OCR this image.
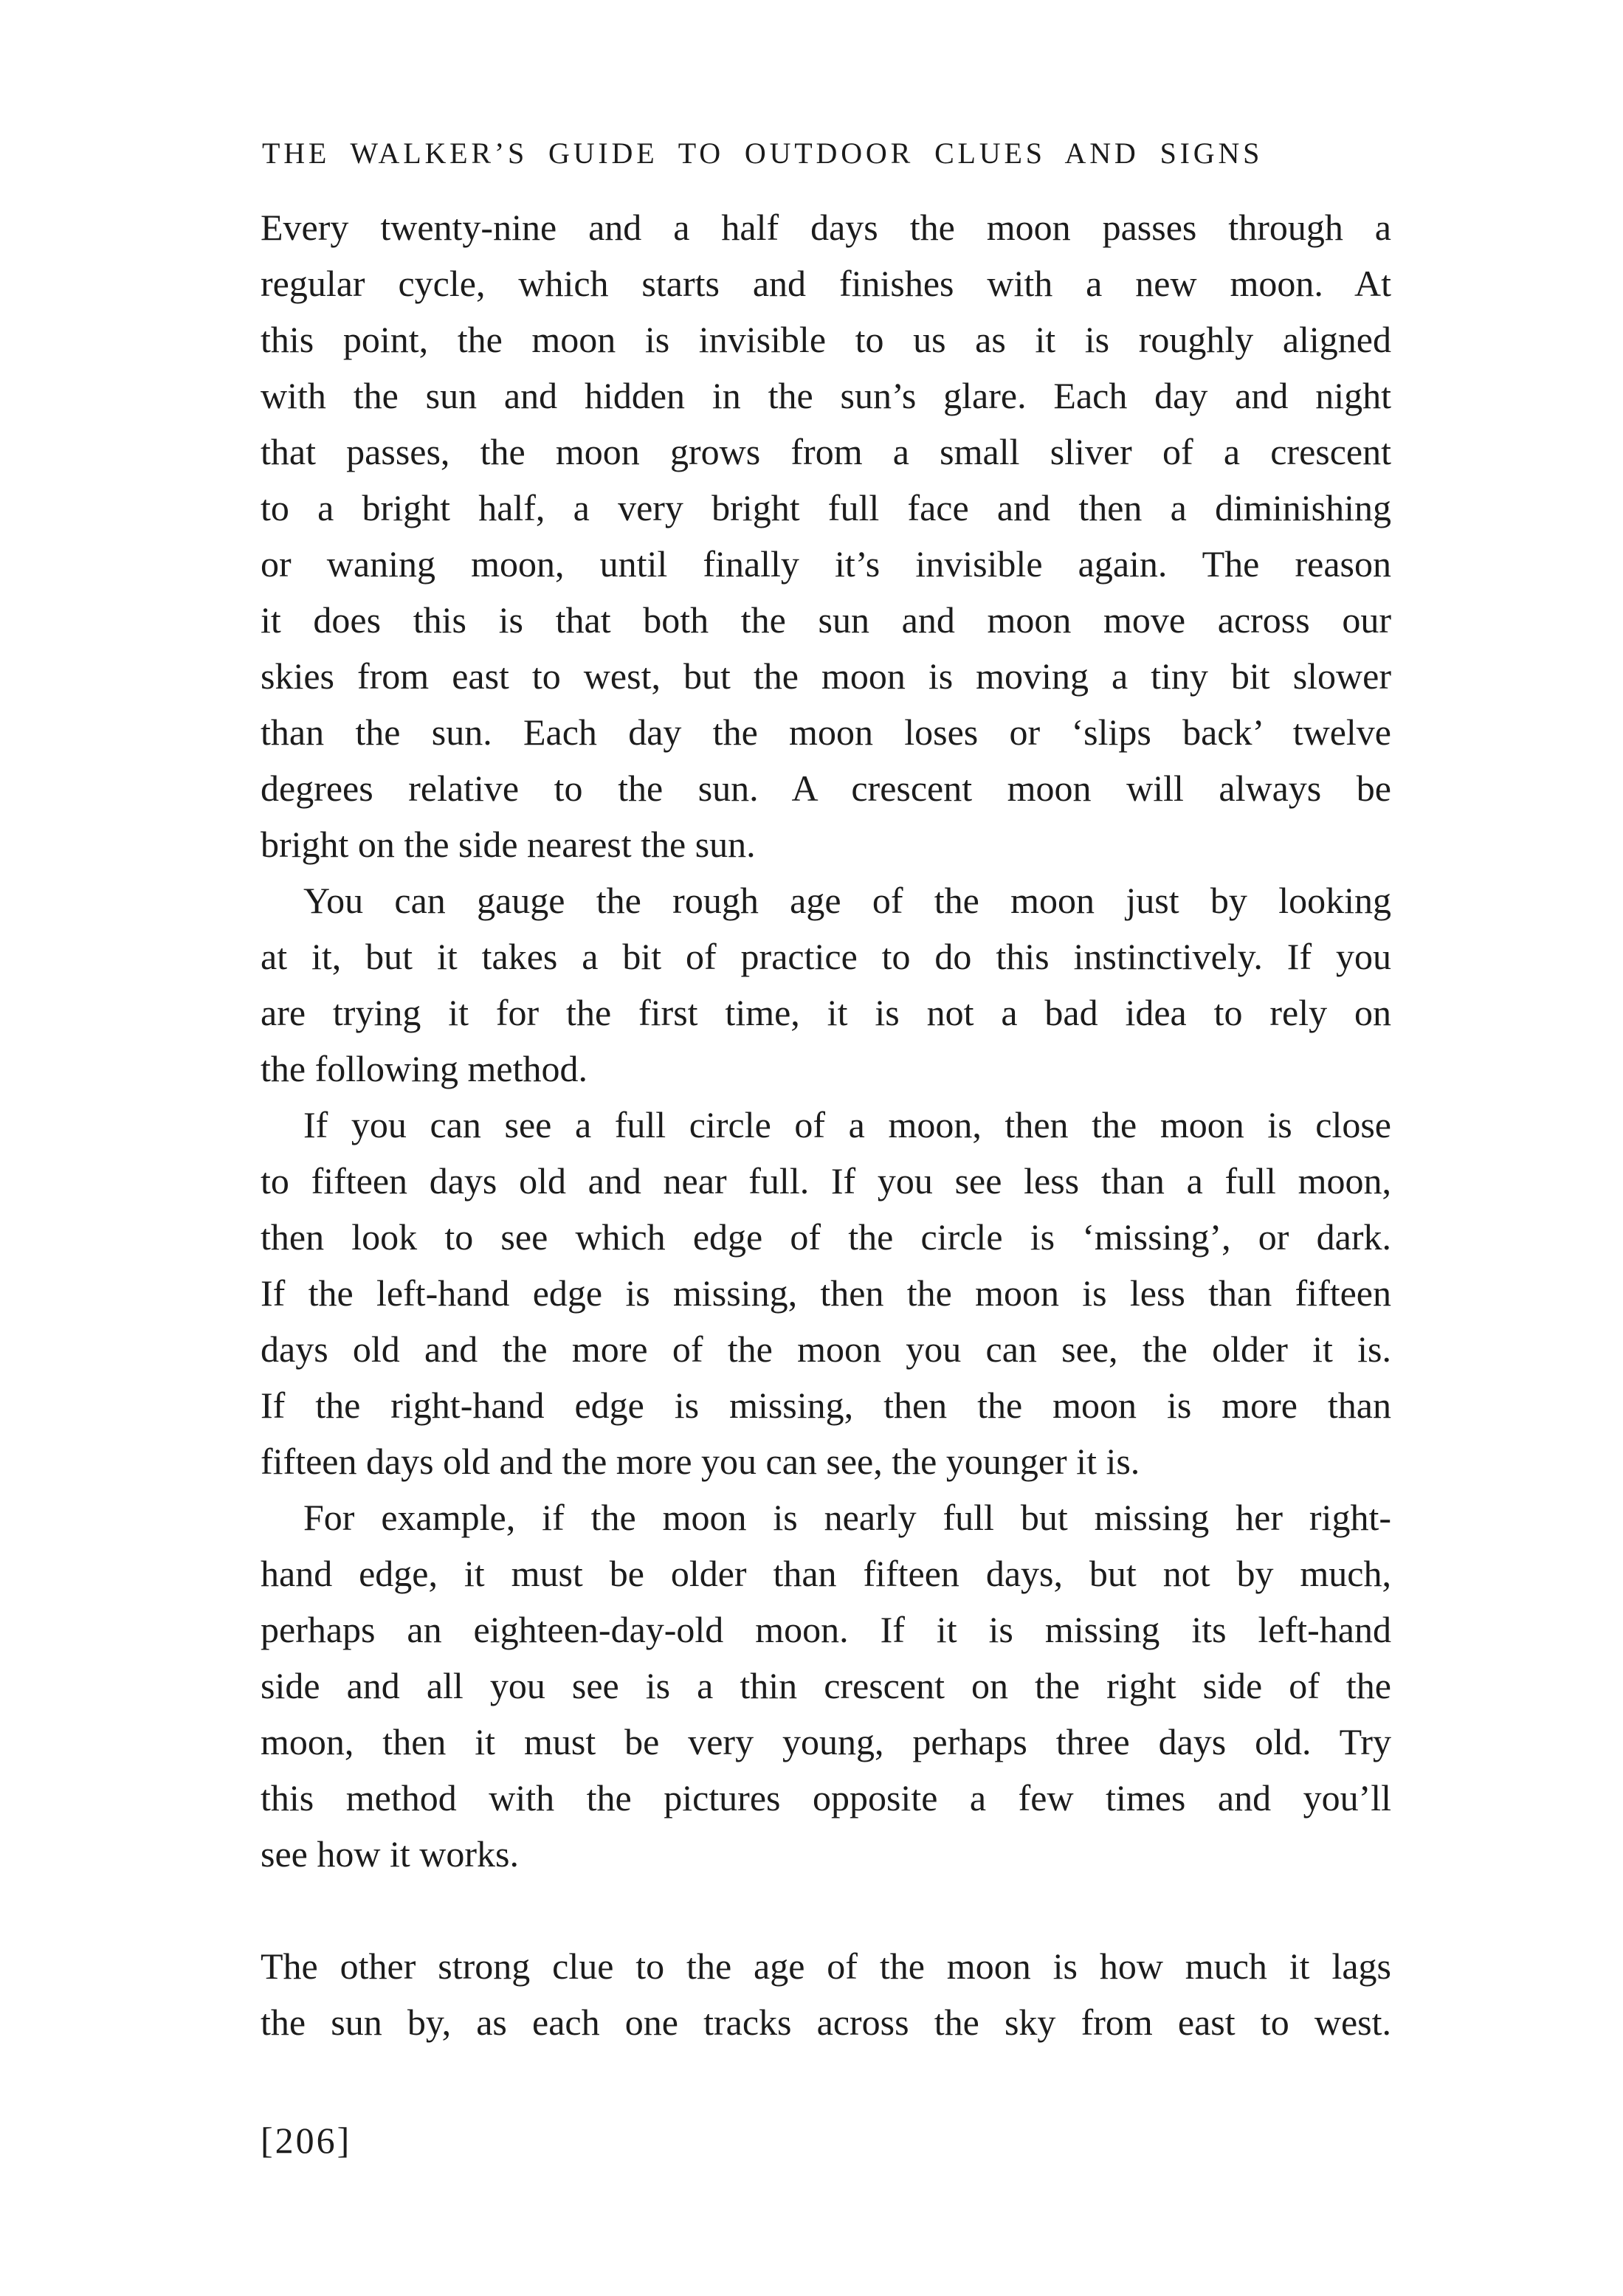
THE WALKER’S GUIDE TO OUTDOOR CLUES AND SIGNS
Every twenty-nine and a half days the moon passes through a
regular cycle, which starts and finishes with a new moon. At
this point, the moon is invisible to us as it is roughly aligned
with the sun and hidden in the sun’s glare. Each day and night
that passes, the moon grows from a small sliver of a crescent
to a bright half, a very bright full face and then a diminishing
or waning moon, until finally it’s invisible again. The reason
it does this is that both the sun and moon move across our
skies from east to west, but the moon is moving a tiny bit slower
than the sun. Each day the moon loses or ‘slips back’ twelve
degrees relative to the sun. A crescent moon will always be
bright on the side nearest the sun.
You can gauge the rough age of the moon just by looking
at it, but it takes a bit of practice to do this instinctively. If you
are trying it for the first time, it is not a bad idea to rely on
the following method.
If you can see a full circle of a moon, then the moon is close
to fifteen days old and near full. If you see less than a full moon,
then look to see which edge of the circle is ‘missing’, or dark.
If the left-hand edge is missing, then the moon is less than fifteen
days old and the more of the moon you can see, the older it is.
If the right-hand edge is missing, then the moon is more than
fifteen days old and the more you can see, the younger it is.
For example, if the moon is nearly full but missing her right-
hand edge, it must be older than fifteen days, but not by much,
perhaps an eighteen-day-old moon. If it is missing its left-hand
side and all you see is a thin crescent on the right side of the
moon, then it must be very young, perhaps three days old. Try
this method with the pictures opposite a few times and you’ll
see how it works.
The other strong clue to the age of the moon is how much it lags
the sun by, as each one tracks across the sky from east to west.
[206]
